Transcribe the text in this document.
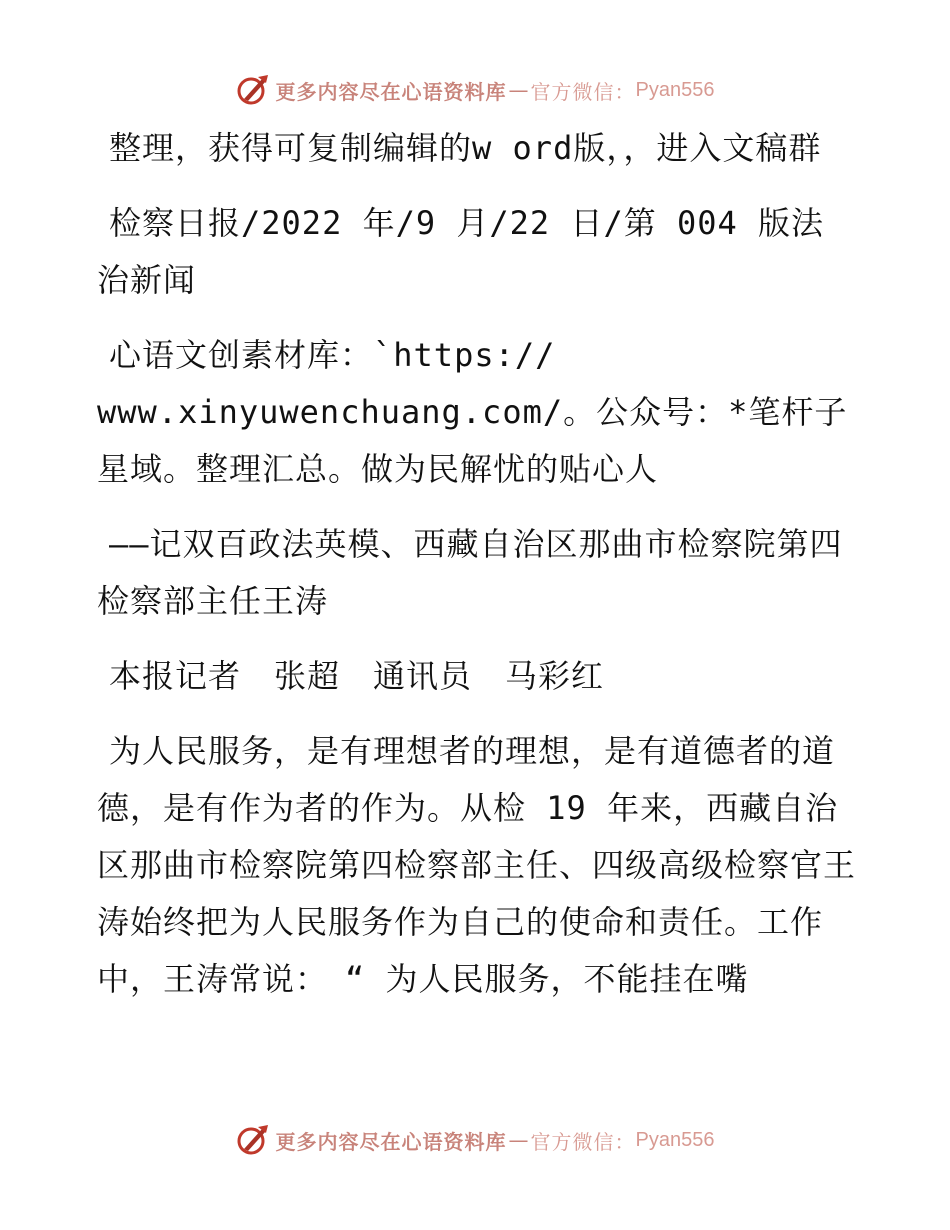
更多内容尽在心语资料库 — 官方微信： Pyan556

整理，获得可复制编辑的w ord版，，进入文稿群

检察日报/2022 年/9 月/22 日/第 004 版法治新闻

心语文创素材库：`https://

www.xinyuwenchuang.com/。公众号：*笔杆子星域。整理汇总。做为民解忧的贴心人

——记双百政法英模、西藏自治区那曲市检察院第四检察部主任王涛

本报记者　张超　通讯员　马彩红

为人民服务，是有理想者的理想，是有道德者的道德，是有作为者的作为。从检 19 年来，西藏自治区那曲市检察院第四检察部主任、四级高级检察官王涛始终把为人民服务作为自己的使命和责任。工作中，王涛常说：　“ 为人民服务，不能挂在嘴

更多内容尽在心语资料库 — 官方微信： Pyan556
